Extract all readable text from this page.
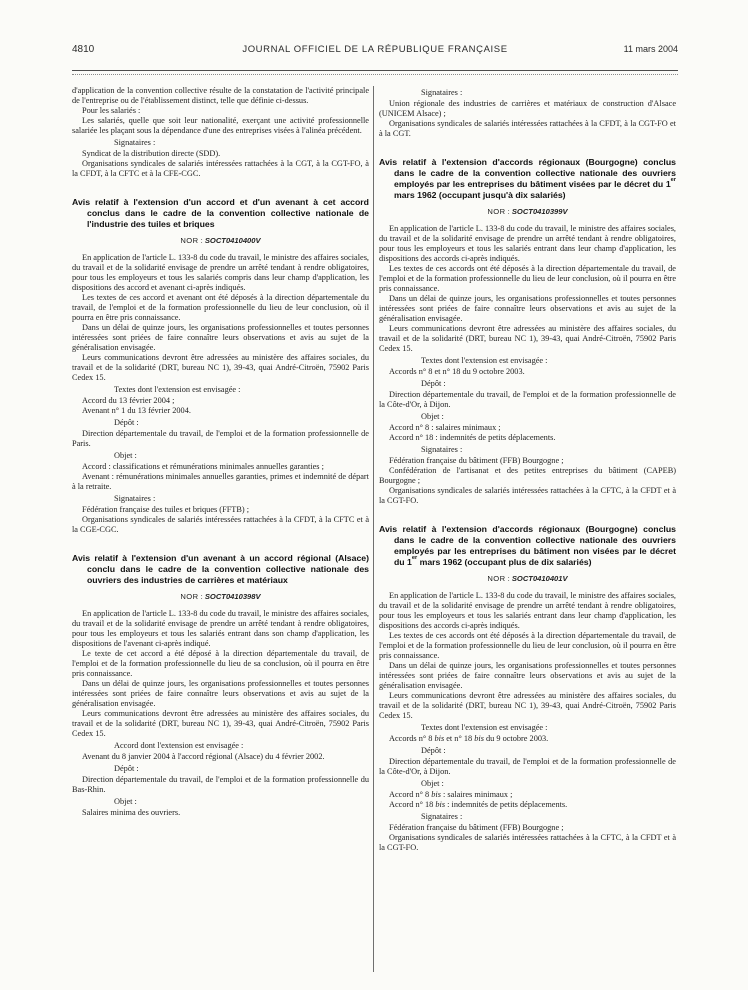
4810	JOURNAL OFFICIEL DE LA RÉPUBLIQUE FRANÇAISE	11 mars 2004

d'application de la convention collective résulte de la constatation de l'activité principale de l'entreprise ou de l'établissement distinct, telle que définie ci-dessus.

Pour les salariés :

Les salariés, quelle que soit leur nationalité, exerçant une activité professionnelle salariée les plaçant sous la dépendance d'une des entreprises visées à l'alinéa précédent.

Signataires :

Syndicat de la distribution directe (SDD).

Organisations syndicales de salariés intéressées rattachées à la CGT, à la CGT-FO, à la CFDT, à la CFTC et à la CFE-CGC.

Avis relatif à l'extension d'un accord et d'un avenant à cet accord conclus dans le cadre de la convention collective nationale de l'industrie des tuiles et briques

NOR : SOCT0410400V

En application de l'article L. 133-8 du code du travail, le ministre des affaires sociales, du travail et de la solidarité envisage de prendre un arrêté tendant à rendre obligatoires, pour tous les employeurs et tous les salariés compris dans leur champ d'application, les dispositions des accord et avenant ci-après indiqués.

Les textes de ces accord et avenant ont été déposés à la direction départementale du travail, de l'emploi et de la formation professionnelle du lieu de leur conclusion, où il pourra en être pris connaissance.

Dans un délai de quinze jours, les organisations professionnelles et toutes personnes intéressées sont priées de faire connaître leurs observations et avis au sujet de la généralisation envisagée.

Leurs communications devront être adressées au ministère des affaires sociales, du travail et de la solidarité (DRT, bureau NC 1), 39-43, quai André-Citroën, 75902 Paris Cedex 15.

Textes dont l'extension est envisagée :

Accord du 13 février 2004 ;

Avenant n° 1 du 13 février 2004.

Dépôt :

Direction départementale du travail, de l'emploi et de la formation professionnelle de Paris.

Objet :

Accord : classifications et rémunérations minimales annuelles garanties ;

Avenant : rémunérations minimales annuelles garanties, primes et indemnité de départ à la retraite.

Signataires :

Fédération française des tuiles et briques (FFTB) ;

Organisations syndicales de salariés intéressées rattachées à la CFDT, à la CFTC et à la CGE-CGC.

Avis relatif à l'extension d'un avenant à un accord régional (Alsace) conclu dans le cadre de la convention collective nationale des ouvriers des industries de carrières et matériaux

NOR : SOCT0410398V

En application de l'article L. 133-8 du code du travail, le ministre des affaires sociales, du travail et de la solidarité envisage de prendre un arrêté tendant à rendre obligatoires, pour tous les employeurs et tous les salariés entrant dans son champ d'application, les dispositions de l'avenant ci-après indiqué.

Le texte de cet accord a été déposé à la direction départementale du travail, de l'emploi et de la formation professionnelle du lieu de sa conclusion, où il pourra en être pris connaissance.

Dans un délai de quinze jours, les organisations professionnelles et toutes personnes intéressées sont priées de faire connaître leurs observations et avis au sujet de la généralisation envisagée.

Leurs communications devront être adressées au ministère des affaires sociales, du travail et de la solidarité (DRT, bureau NC 1), 39-43, quai André-Citroën, 75902 Paris Cedex 15.

Accord dont l'extension est envisagée :

Avenant du 8 janvier 2004 à l'accord régional (Alsace) du 4 février 2002.

Dépôt :

Direction départementale du travail, de l'emploi et de la formation professionnelle du Bas-Rhin.

Objet :

Salaires minima des ouvriers.

Signataires :

Union régionale des industries de carrières et matériaux de construction d'Alsace (UNICEM Alsace) ;

Organisations syndicales de salariés intéressées rattachées à la CFDT, à la CGT-FO et à la CGT.

Avis relatif à l'extension d'accords régionaux (Bourgogne) conclus dans le cadre de la convention collective nationale des ouvriers employés par les entreprises du bâtiment visées par le décret du 1er mars 1962 (occupant jusqu'à dix salariés)

NOR : SOCT0410399V

En application de l'article L. 133-8 du code du travail, le ministre des affaires sociales, du travail et de la solidarité envisage de prendre un arrêté tendant à rendre obligatoires, pour tous les employeurs et tous les salariés entrant dans leur champ d'application, les dispositions des accords ci-après indiqués.

Les textes de ces accords ont été déposés à la direction départementale du travail, de l'emploi et de la formation professionnelle du lieu de leur conclusion, où il pourra en être pris connaissance.

Dans un délai de quinze jours, les organisations professionnelles et toutes personnes intéressées sont priées de faire connaître leurs observations et avis au sujet de la généralisation envisagée.

Leurs communications devront être adressées au ministère des affaires sociales, du travail et de la solidarité (DRT, bureau NC 1), 39-43, quai André-Citroën, 75902 Paris Cedex 15.

Textes dont l'extension est envisagée :

Accords n° 8 et n° 18 du 9 octobre 2003.

Dépôt :

Direction départementale du travail, de l'emploi et de la formation professionnelle de la Côte-d'Or, à Dijon.

Objet :

Accord n° 8 : salaires minimaux ;

Accord n° 18 : indemnités de petits déplacements.

Signataires :

Fédération française du bâtiment (FFB) Bourgogne ;

Confédération de l'artisanat et des petites entreprises du bâtiment (CAPEB) Bourgogne ;

Organisations syndicales de salariés intéressées rattachées à la CFTC, à la CFDT et à la CGT-FO.

Avis relatif à l'extension d'accords régionaux (Bourgogne) conclus dans le cadre de la convention collective nationale des ouvriers employés par les entreprises du bâtiment non visées par le décret du 1er mars 1962 (occupant plus de dix salariés)

NOR : SOCT0410401V

En application de l'article L. 133-8 du code du travail, le ministre des affaires sociales, du travail et de la solidarité envisage de prendre un arrêté tendant à rendre obligatoires, pour tous les employeurs et tous les salariés entrant dans leur champ d'application, les dispositions des accords ci-après indiqués.

Les textes de ces accords ont été déposés à la direction départementale du travail, de l'emploi et de la formation professionnelle du lieu de leur conclusion, où il pourra en être pris connaissance.

Dans un délai de quinze jours, les organisations professionnelles et toutes personnes intéressées sont priées de faire connaître leurs observations et avis au sujet de la généralisation envisagée.

Leurs communications devront être adressées au ministère des affaires sociales, du travail et de la solidarité (DRT, bureau NC 1), 39-43, quai André-Citroën, 75902 Paris Cedex 15.

Textes dont l'extension est envisagée :

Accords n° 8 bis et n° 18 bis du 9 octobre 2003.

Dépôt :

Direction départementale du travail, de l'emploi et de la formation professionnelle de la Côte-d'Or, à Dijon.

Objet :

Accord n° 8 bis : salaires minimaux ;

Accord n° 18 bis : indemnités de petits déplacements.

Signataires :

Fédération française du bâtiment (FFB) Bourgogne ;

Organisations syndicales de salariés intéressées rattachées à la CFTC, à la CFDT et à la CGT-FO.
